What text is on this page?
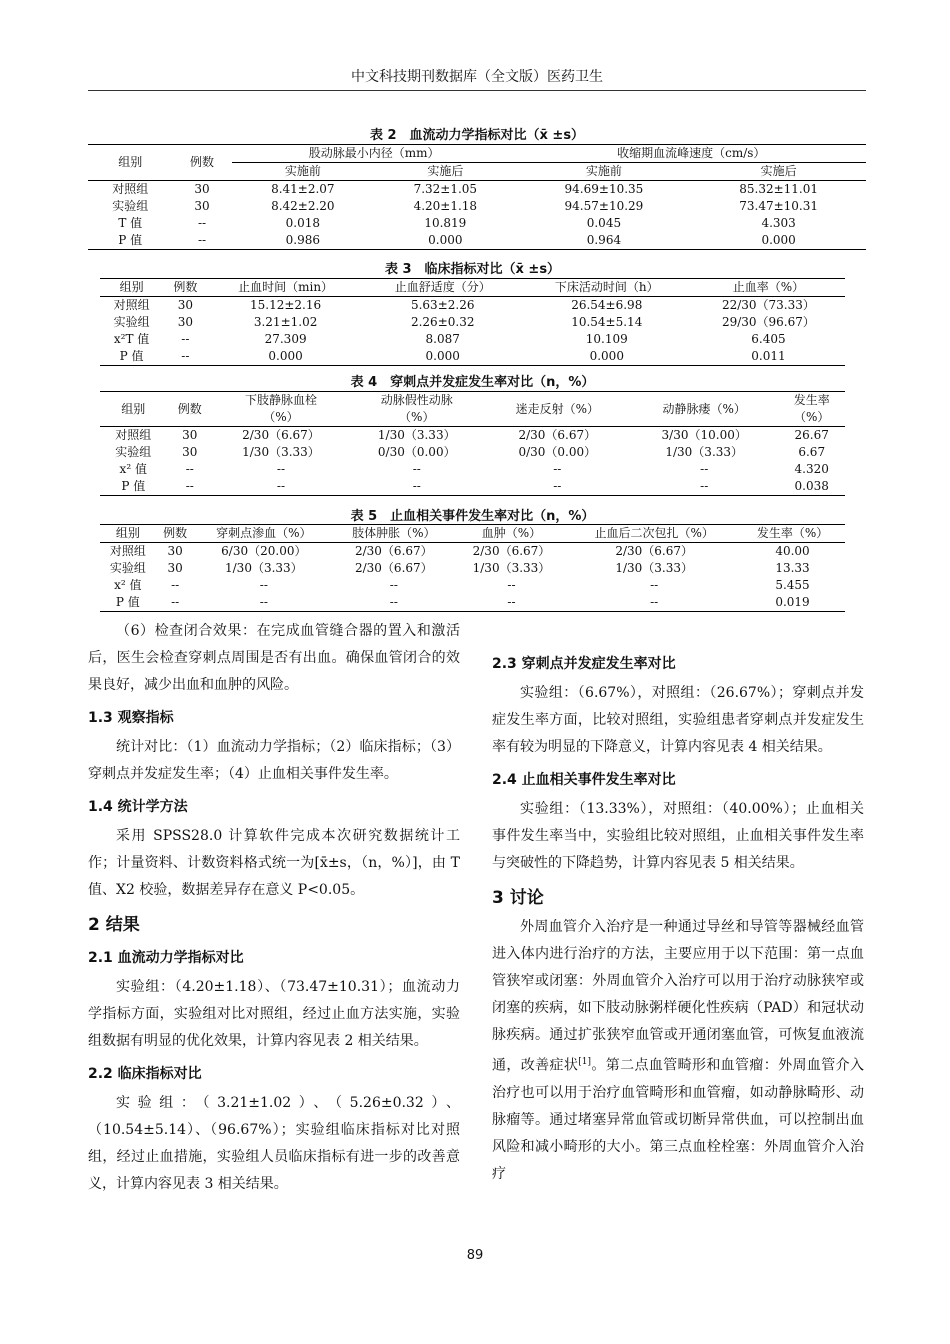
中文科技期刊数据库（全文版）医药卫生
表 2　血流动力学指标对比（x̄ ±s）
组别	例数	股动脉最小内径（mm）		收缩期血流峰速度（cm/s）	
		实施前	实施后	实施前	实施后
对照组	30	8.41±2.07	7.32±1.05	94.69±10.35	85.32±11.01
实验组	30	8.42±2.20	4.20±1.18	94.57±10.29	73.47±10.31
T 值	--	0.018	10.819	0.045	4.303
P 值	--	0.986	0.000	0.964	0.000
表 3　临床指标对比（x̄ ±s）
组别	例数	止血时间（min）	止血舒适度（分）	下床活动时间（h）	止血率（%）
对照组	30	15.12±2.16	5.63±2.26	26.54±6.98	22/30（73.33）
实验组	30	3.21±1.02	2.26±0.32	10.54±5.14	29/30（96.67）
x²T 值	--	27.309	8.087	10.109	6.405
P 值	--	0.000	0.000	0.000	0.011
表 4　穿刺点并发症发生率对比（n，%）
组别	例数	下肢静脉血栓	动脉假性动脉	迷走反射（%）	动静脉瘘（%）	发生率
		（%）	（%）			（%）
对照组	30	2/30（6.67）	1/30（3.33）	2/30（6.67）	3/30（10.00）	26.67
实验组	30	1/30（3.33）	0/30（0.00）	0/30（0.00）	1/30（3.33）	6.67
x² 值	--	--	--	--	--	4.320
P 值	--	--	--	--	--	0.038
表 5　止血相关事件发生率对比（n，%）
组别	例数	穿刺点渗血（%）	肢体肿胀（%）	血肿（%）	止血后二次包扎（%）	发生率（%）
对照组	30	6/30（20.00）	2/30（6.67）	2/30（6.67）	2/30（6.67）	40.00
实验组	30	1/30（3.33）	2/30（6.67）	1/30（3.33）	1/30（3.33）	13.33
x² 值	--	--	--	--	--	5.455
P 值	--	--	--	--	--	0.019

（6）检查闭合效果：在完成血管缝合器的置入和激活后，医生会检查穿刺点周围是否有出血。确保血管闭合的效果良好，减少出血和血肿的风险。

1.3 观察指标

统计对比：（1）血流动力学指标；（2）临床指标；（3）穿刺点并发症发生率；（4）止血相关事件发生率。

1.4 统计学方法

采用 SPSS28.0 计算软件完成本次研究数据统计工作；计量资料、计数资料格式统一为[x̄±s，（n，%）]，由 T 值、X2 校验，数据差异存在意义 P<0.05。

2 结果

2.1 血流动力学指标对比

实验组：（4.20±1.18）、（73.47±10.31）；血流动力学指标方面，实验组对比对照组，经过止血方法实施，实验组数据有明显的优化效果，计算内容见表 2 相关结果。

2.2 临床指标对比

实验组：（3.21±1.02）、（5.26±0.32）、（10.54±5.14）、（96.67%）；实验组临床指标对比对照组，经过止血措施，实验组人员临床指标有进一步的改善意义，计算内容见表 3 相关结果。

2.3 穿刺点并发症发生率对比

实验组：（6.67%），对照组：（26.67%）；穿刺点并发症发生率方面，比较对照组，实验组患者穿刺点并发症发生率有较为明显的下降意义，计算内容见表 4 相关结果。

2.4 止血相关事件发生率对比

实验组：（13.33%），对照组：（40.00%）；止血相关事件发生率当中，实验组比较对照组，止血相关事件发生率与突破性的下降趋势，计算内容见表 5 相关结果。

3 讨论

外周血管介入治疗是一种通过导丝和导管等器械经血管进入体内进行治疗的方法，主要应用于以下范围：第一点血管狭窄或闭塞：外周血管介入治疗可以用于治疗动脉狭窄或闭塞的疾病，如下肢动脉粥样硬化性疾病（PAD）和冠状动脉疾病。通过扩张狭窄血管或开通闭塞血管，可恢复血液流通，改善症状[1]。第二点血管畸形和血管瘤：外周血管介入治疗也可以用于治疗血管畸形和血管瘤，如动静脉畸形、动脉瘤等。通过堵塞异常血管或切断异常供血，可以控制出血风险和减小畸形的大小。第三点血栓栓塞：外周血管介入治疗

89
